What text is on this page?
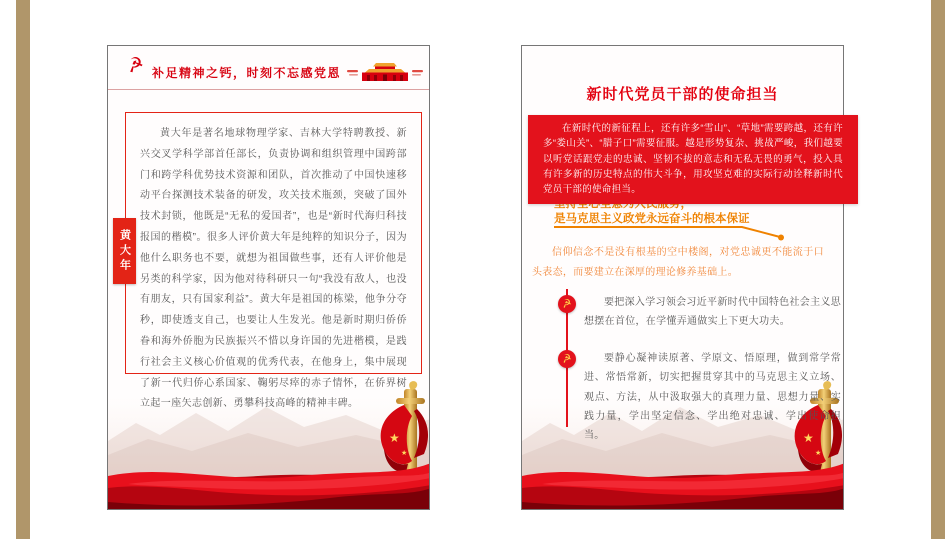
☭ 补足精神之钙，时刻不忘感党恩

黄大年是著名地球物理学家、吉林大学特聘教授、新兴交叉学科学部首任部长，负责协调和组织管理中国跨部门和跨学科优势技术资源和团队，首次推动了中国快速移动平台探测技术装备的研发，攻关技术瓶颈，突破了国外技术封锁，他既是“无私的爱国者”，也是“新时代海归科技报国的楷模”。很多人评价黄大年是纯粹的知识分子，因为他什么职务也不要，就想为祖国做些事，还有人评价他是另类的科学家，因为他对待科研只一句“我没有敌人，也没有朋友，只有国家利益”。黄大年是祖国的栋梁，他争分夺秒，即使透支自己，也要让人生发光。他是新时期归侨侨眷和海外侨胞为民族振兴不惜以身许国的先进楷模，是践行社会主义核心价值观的优秀代表，在他身上，集中展现了新一代归侨心系国家、鞠躬尽瘁的赤子情怀，在侨界树立起一座矢志创新、勇攀科技高峰的精神丰碑。

黄大年
新时代党员干部的使命担当
是马克思主义政党永远奋斗的根本保证

信仰信念不是没有根基的空中楼阁，对党忠诚更不能流于口头表态，而要建立在深厚的理论修养基础上。

☭
☭

要把深入学习领会习近平新时代中国特色社会主义思想摆在首位，在学懂弄通做实上下更大功夫。

要静心凝神读原著、学原文、悟原理，做到常学常进、常悟常新，切实把握贯穿其中的马克思主义立场、观点、方法，从中汲取强大的真理力量、思想力量、实践力量，学出坚定信念、学出绝对忠诚、学出使命担当。

在新时代的新征程上，还有许多“雪山”、“草地”需要跨越，还有许多“娄山关”、“腊子口”需要征服。越是形势复杂、挑战严峻，我们越要以听党话跟党走的忠诚、坚韧不拔的意志和无私无畏的勇气，投入具有许多新的历史特点的伟大斗争，用攻坚克难的实际行动诠释新时代党员干部的使命担当。
